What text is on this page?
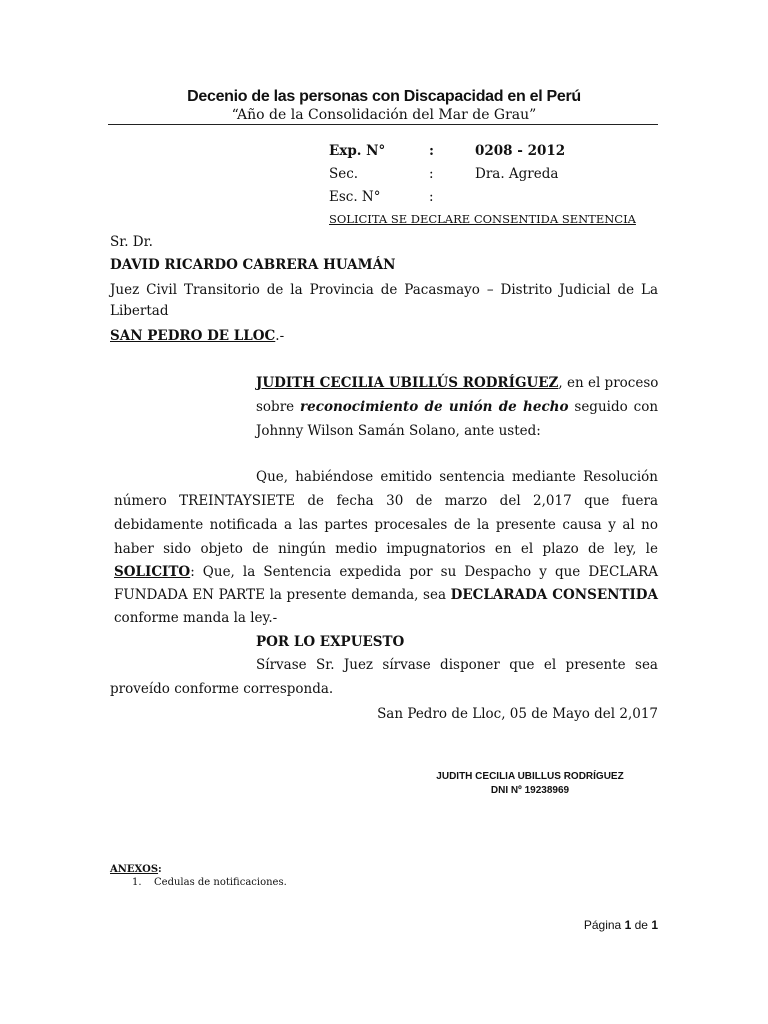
Decenio de las personas con Discapacidad en el Perú
“Año de la Consolidación del Mar de Grau”
Exp. N°	:	0208 - 2012
Sec.	:	Dra. Agreda
Esc. N°	:
SOLICITA SE DECLARE CONSENTIDA SENTENCIA
Sr. Dr.
DAVID RICARDO CABRERA HUAMÁN
Juez Civil Transitorio de la Provincia de Pacasmayo – Distrito Judicial de La
Libertad
SAN PEDRO DE LLOC.-
JUDITH CECILIA UBILLÚS RODRÍGUEZ, en el proceso
sobre reconocimiento de unión de hecho seguido con
Johnny Wilson Samán Solano, ante usted:
Que, habiéndose emitido sentencia mediante Resolución
número TREINTAYSIETE de fecha 30 de marzo del 2,017 que fuera
debidamente notificada a las partes procesales de la presente causa y al no
haber sido objeto de ningún medio impugnatorios en el plazo de ley, le
SOLICITO: Que, la Sentencia expedida por su Despacho y que DECLARA
FUNDADA EN PARTE la presente demanda, sea DECLARADA CONSENTIDA
conforme manda la ley.-
POR LO EXPUESTO
Sírvase Sr. Juez sírvase disponer que el presente sea
proveído conforme corresponda.
San Pedro de Lloc, 05 de Mayo del 2,017
JUDITH CECILIA UBILLUS RODRÍGUEZ
DNI Nº 19238969
ANEXOS:
1. Cedulas de notificaciones.
Página 1 de 1
